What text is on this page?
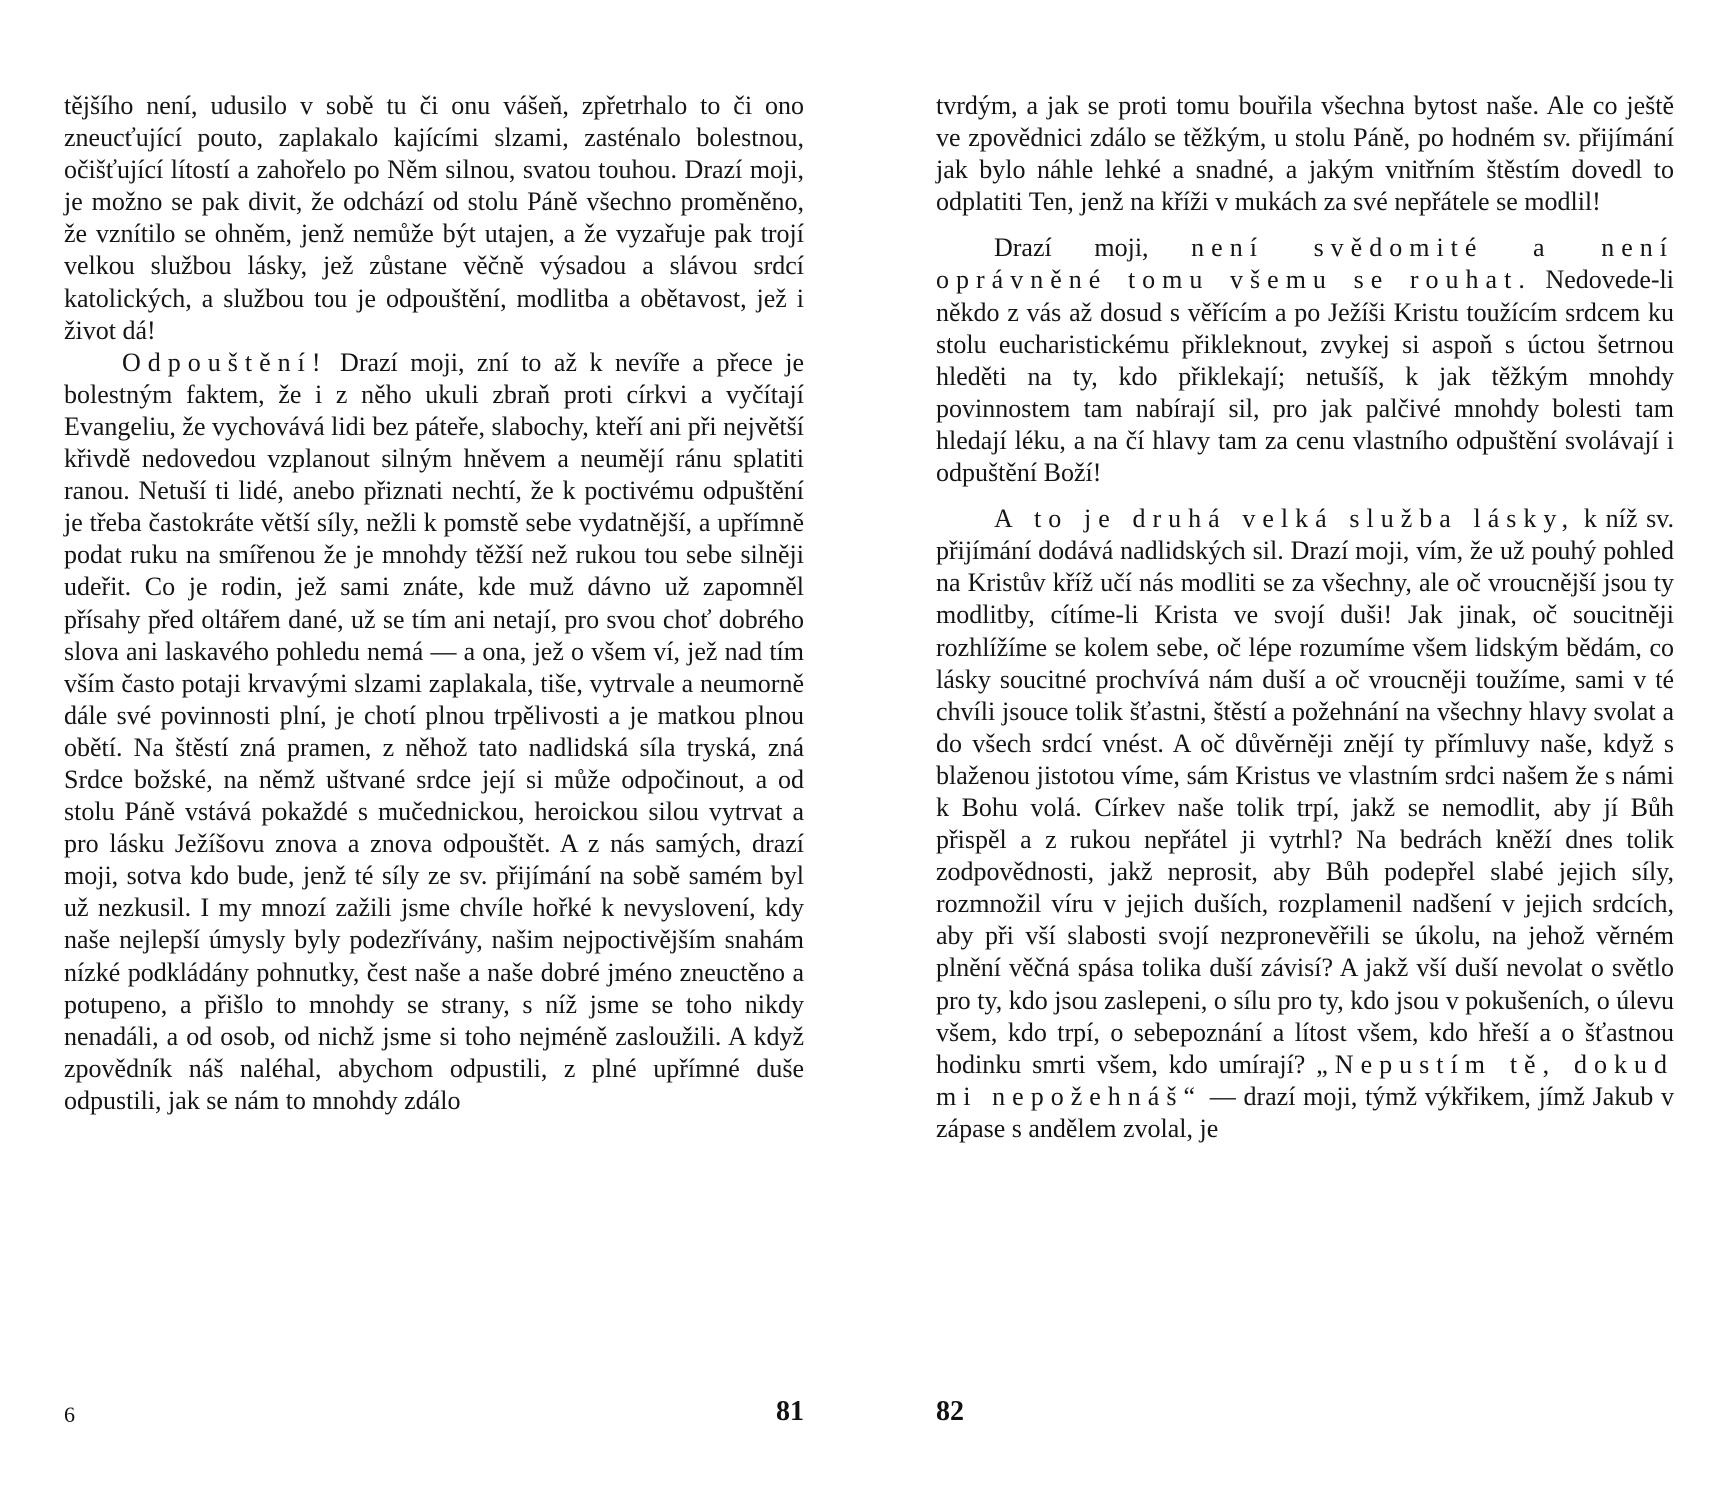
tějšího není, udusilo v sobě tu či onu vášeň, zpřetrhalo to či ono zneucťující pouto, zaplakalo kajícími slzami, zasténalo bolestnou, očišťující lítostí a zahořelo po Něm silnou, svatou touhou. Drazí moji, je možno se pak divit, že odchází od stolu Páně všechno proměněno, že vznítilo se ohněm, jenž nemůže být utajen, a že vyzařuje pak trojí velkou službou lásky, jež zůstane věčně výsadou a slávou srdcí katolických, a službou tou je odpouštění, modlitba a obětavost, jež i život dá!

Odpouštění! Drazí moji, zní to až k nevíře a přece je bolestným faktem, že i z něho ukuli zbraň proti církvi a vyčítají Evangeliu, že vychovává lidi bez páteře, slabochy, kteří ani při největší křivdě nedovedou vzplanout silným hněvem a neumějí ránu splatiti ranou. Netuší ti lidé, anebo přiznati nechtí, že k poctivému odpuštění je třeba častokráte větší síly, nežli k pomstě sebe vydatnější, a upřímně podat ruku na smířenou že je mnohdy těžší než rukou tou sebe silněji udeřit. Co je rodin, jež sami znáte, kde muž dávno už zapomněl přísahy před oltářem dané, už se tím ani netají, pro svou choť dobrého slova ani laskavého pohledu nemá — a ona, jež o všem ví, jež nad tím vším často potaji krvavými slzami zaplakala, tiše, vytrvale a neumorně dále své povinnosti plní, je chotí plnou trpělivosti a je matkou plnou obětí. Na štěstí zná pramen, z něhož tato nadlidská síla tryská, zná Srdce božské, na němž uštvané srdce její si může odpočinout, a od stolu Páně vstává pokaždé s mučednickou, heroickou silou vytrvat a pro lásku Ježíšovu znova a znova odpouštět. A z nás samých, drazí moji, sotva kdo bude, jenž té síly ze sv. přijímání na sobě samém byl už nezkusil. I my mnozí zažili jsme chvíle hořké k nevyslovení, kdy naše nejlepší úmysly byly podezřívány, našim nejpoctivějším snahám nízké podkládány pohnutky, čest naše a naše dobré jméno zneuctěno a potupeno, a přišlo to mnohdy se strany, s níž jsme se toho nikdy nenadáli, a od osob, od nichž jsme si toho nejméně zasloužili. A když zpovědník náš naléhal, abychom odpustili, z plné upřímné duše odpustili, jak se nám to mnohdy zdálo

6	81

tvrdým, a jak se proti tomu bouřila všechna bytost naše. Ale co ještě ve zpovědnici zdálo se těžkým, u stolu Páně, po hodném sv. přijímání jak bylo náhle lehké a snadné, a jakým vnitřním štěstím dovedl to odplatiti Ten, jenž na kříži v mukách za své nepřátele se modlil!

Drazí moji, není svědomité a není oprávněné tomu všemu se rouhat. Nedovede-li někdo z vás až dosud s věřícím a po Ježíši Kristu toužícím srdcem ku stolu eucharistickému přikleknout, zvykej si aspoň s úctou šetrnou hleděti na ty, kdo přiklekají; netušíš, k jak těžkým mnohdy povinnostem tam nabírají sil, pro jak palčivé mnohdy bolesti tam hledají léku, a na čí hlavy tam za cenu vlastního odpuštění svolávají i odpuštění Boží!

A to je druhá velká služba lásky, k níž sv. přijímání dodává nadlidských sil. Drazí moji, vím, že už pouhý pohled na Kristův kříž učí nás modliti se za všechny, ale oč vroucnější jsou ty modlitby, cítíme-li Krista ve svojí duši! Jak jinak, oč soucitněji rozhlížíme se kolem sebe, oč lépe rozumíme všem lidským bědám, co lásky soucitné prochvívá nám duší a oč vroucněji toužíme, sami v té chvíli jsouce tolik šťastni, štěstí a požehnání na všechny hlavy svolat a do všech srdcí vnést. A oč důvěrněji znějí ty přímluvy naše, když s blaženou jistotou víme, sám Kristus ve vlastním srdci našem že s námi k Bohu volá. Církev naše tolik trpí, jakž se nemodlit, aby jí Bůh přispěl a z rukou nepřátel ji vytrhl? Na bedrách kněží dnes tolik zodpovědnosti, jakž neprosit, aby Bůh podepřel slabé jejich síly, rozmnožil víru v jejich duších, rozplamenil nadšení v jejich srdcích, aby při vší slabosti svojí nezpronevěřili se úkolu, na jehož věrném plnění věčná spása tolika duší závisí? A jakž vší duší nevolat o světlo pro ty, kdo jsou zaslepeni, o sílu pro ty, kdo jsou v pokušeních, o úlevu všem, kdo trpí, o sebepoznání a lítost všem, kdo hřeší a o šťastnou hodinku smrti všem, kdo umírají? „Nepustím tě, dokud mi nepožehnáš“ — drazí moji, týmž výkřikem, jímž Jakub v zápase s andělem zvolal, je

82
